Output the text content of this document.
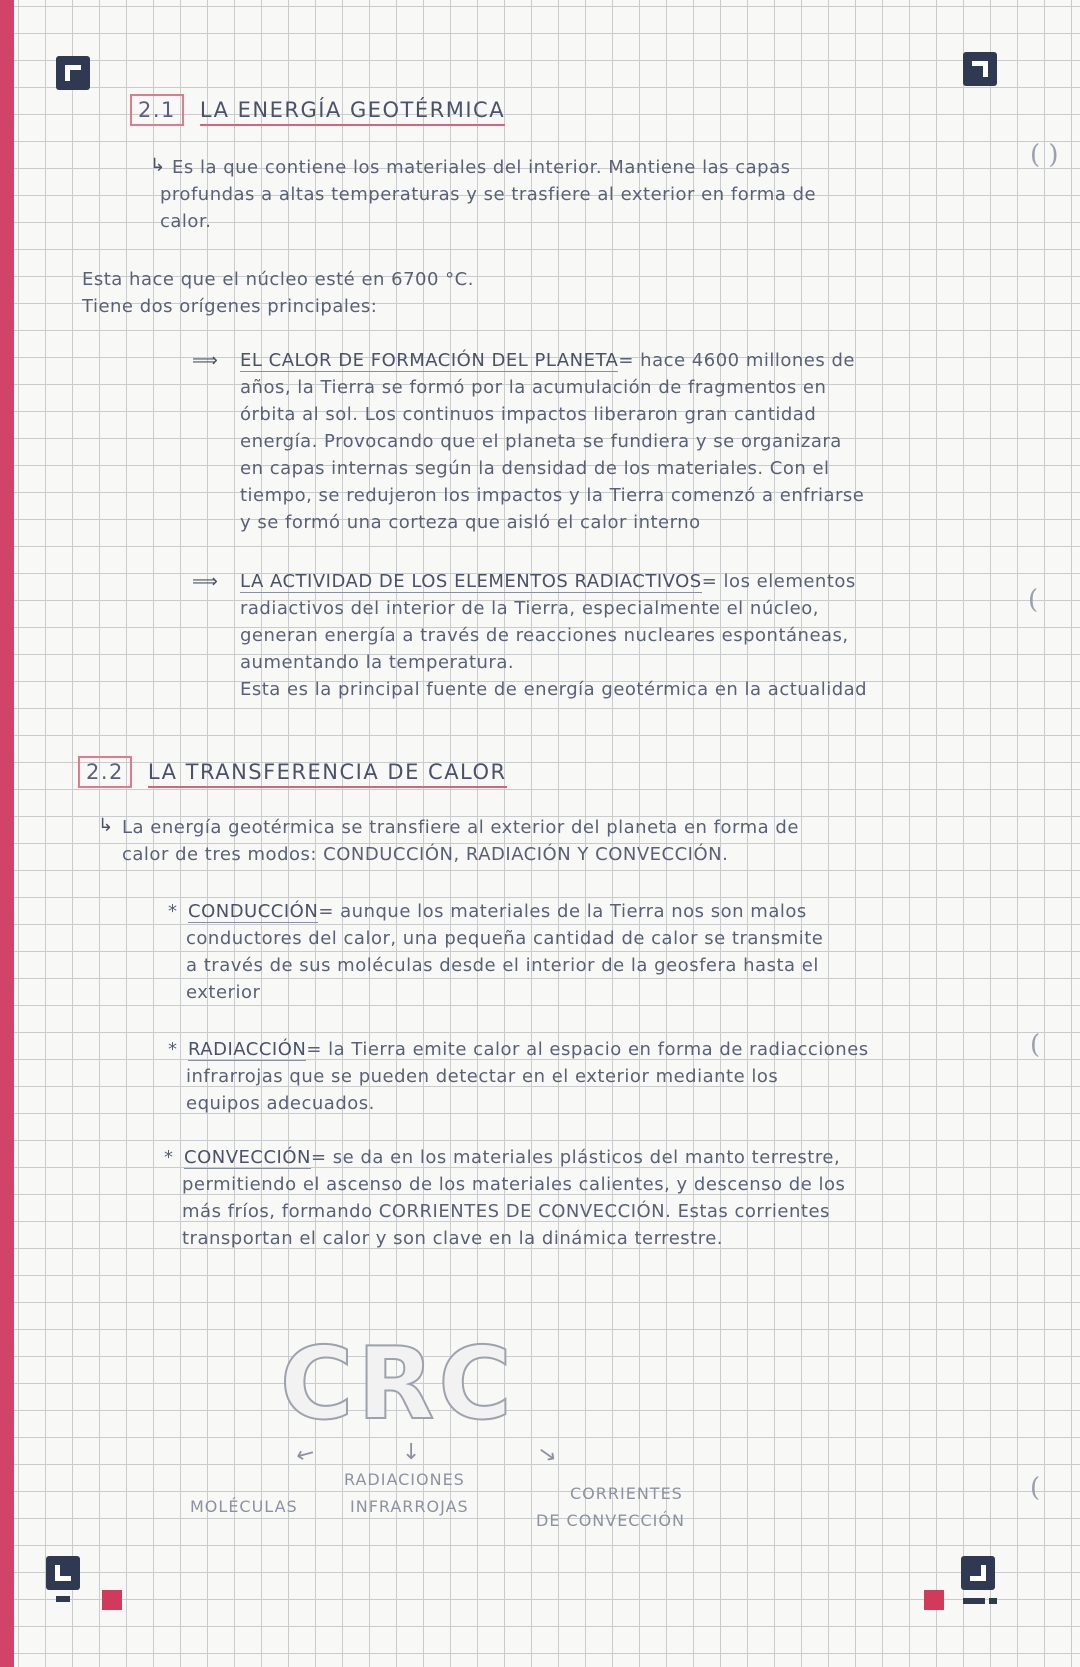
( )
(
(
(
2.1 LA ENERGÍA GEOTÉRMICA
↳ Es la que contiene los materiales del interior. Mantiene las capas
profundas a altas temperaturas y se trasfiere al exterior en forma de
calor.
Esta hace que el núcleo esté en 6700 °C.
Tiene dos orígenes principales:
⟹ EL CALOR DE FORMACIÓN DEL PLANETA= hace 4600 millones de
años, la Tierra se formó por la acumulación de fragmentos en
órbita al sol. Los continuos impactos liberaron gran cantidad
energía. Provocando que el planeta se fundiera y se organizara
en capas internas según la densidad de los materiales. Con el
tiempo, se redujeron los impactos y la Tierra comenzó a enfriarse
y se formó una corteza que aisló el calor interno
⟹ LA ACTIVIDAD DE LOS ELEMENTOS RADIACTIVOS= los elementos
radiactivos del interior de la Tierra, especialmente el núcleo,
generan energía a través de reacciones nucleares espontáneas,
aumentando la temperatura.
Esta es la principal fuente de energía geotérmica en la actualidad
2.2 LA TRANSFERENCIA DE CALOR
↳ La energía geotérmica se transfiere al exterior del planeta en forma de
calor de tres modos: CONDUCCIÓN, RADIACIÓN Y CONVECCIÓN.
* CONDUCCIÓN= aunque los materiales de la Tierra nos son malos
conductores del calor, una pequeña cantidad de calor se transmite
a través de sus moléculas desde el interior de la geosfera hasta el
exterior
* RADIACCIÓN= la Tierra emite calor al espacio en forma de radiacciones
infrarrojas que se pueden detectar en el exterior mediante los
equipos adecuados.
* CONVECCIÓN= se da en los materiales plásticos del manto terrestre,
permitiendo el ascenso de los materiales calientes, y descenso de los
más fríos, formando CORRIENTES DE CONVECCIÓN. Estas corrientes
transportan el calor y son clave en la dinámica terrestre.
CRC
↙	↓	↘
MOLÉCULAS
RADIACIONES
INFRARROJAS
CORRIENTES
DE CONVECCIÓN
